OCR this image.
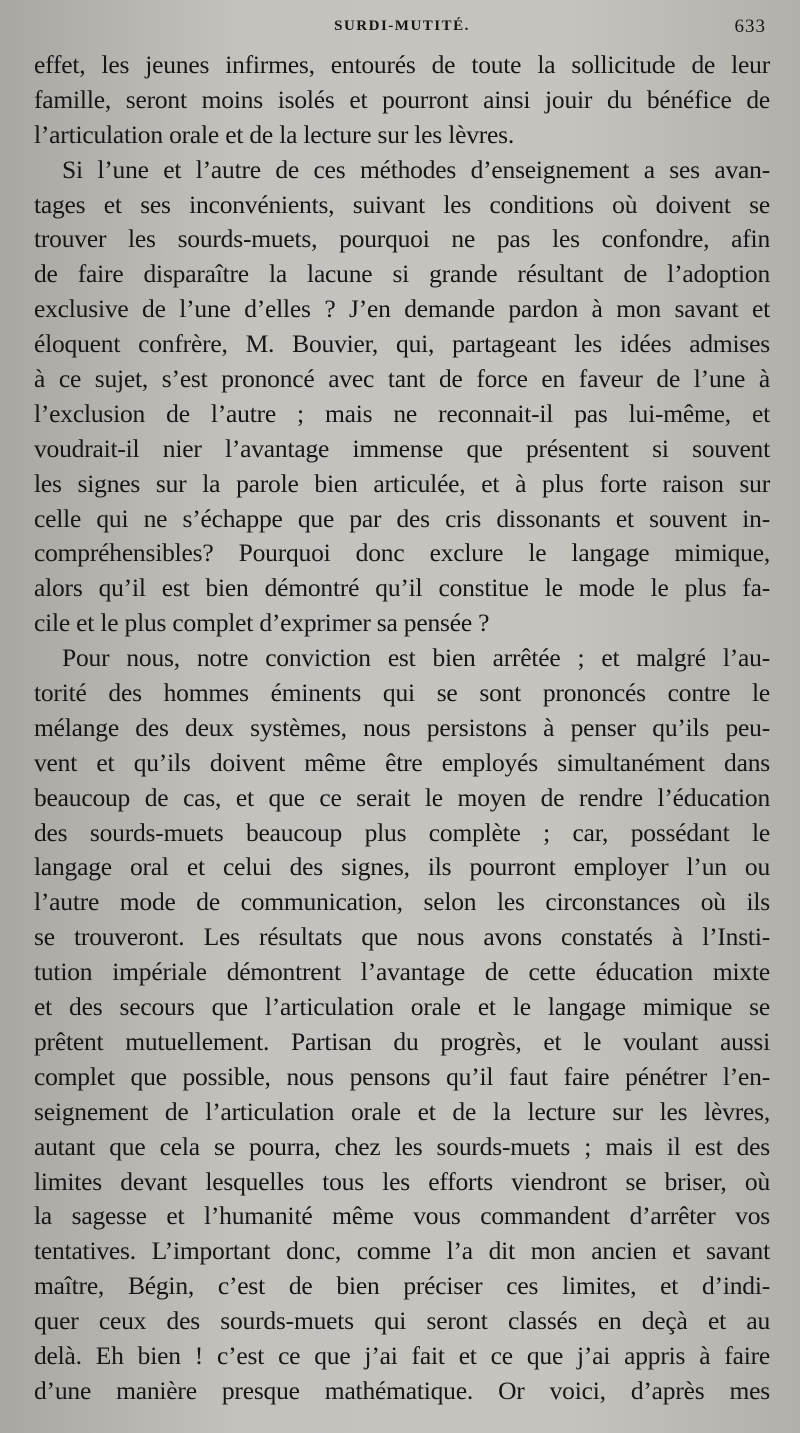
SURDI-MUTITÉ.	633
effet, les jeunes infirmes, entourés de toute la sollicitude de leur
famille, seront moins isolés et pourront ainsi jouir du bénéfice de
l’articulation orale et de la lecture sur les lèvres.
Si l’une et l’autre de ces méthodes d’enseignement a ses avan-
tages et ses inconvénients, suivant les conditions où doivent se
trouver les sourds-muets, pourquoi ne pas les confondre, afin
de faire disparaître la lacune si grande résultant de l’adoption
exclusive de l’une d’elles ? J’en demande pardon à mon savant et
éloquent confrère, M. Bouvier, qui, partageant les idées admises
à ce sujet, s’est prononcé avec tant de force en faveur de l’une à
l’exclusion de l’autre ; mais ne reconnait-il pas lui-même, et
voudrait-il nier l’avantage immense que présentent si souvent
les signes sur la parole bien articulée, et à plus forte raison sur
celle qui ne s’échappe que par des cris dissonants et souvent in-
compréhensibles? Pourquoi donc exclure le langage mimique,
alors qu’il est bien démontré qu’il constitue le mode le plus fa-
cile et le plus complet d’exprimer sa pensée ?
Pour nous, notre conviction est bien arrêtée ; et malgré l’au-
torité des hommes éminents qui se sont prononcés contre le
mélange des deux systèmes, nous persistons à penser qu’ils peu-
vent et qu’ils doivent même être employés simultanément dans
beaucoup de cas, et que ce serait le moyen de rendre l’éducation
des sourds-muets beaucoup plus complète ; car, possédant le
langage oral et celui des signes, ils pourront employer l’un ou
l’autre mode de communication, selon les circonstances où ils
se trouveront. Les résultats que nous avons constatés à l’Insti-
tution impériale démontrent l’avantage de cette éducation mixte
et des secours que l’articulation orale et le langage mimique se
prêtent mutuellement. Partisan du progrès, et le voulant aussi
complet que possible, nous pensons qu’il faut faire pénétrer l’en-
seignement de l’articulation orale et de la lecture sur les lèvres,
autant que cela se pourra, chez les sourds-muets ; mais il est des
limites devant lesquelles tous les efforts viendront se briser, où
la sagesse et l’humanité même vous commandent d’arrêter vos
tentatives. L’important donc, comme l’a dit mon ancien et savant
maître, Bégin, c’est de bien préciser ces limites, et d’indi-
quer ceux des sourds-muets qui seront classés en deçà et au
delà. Eh bien ! c’est ce que j’ai fait et ce que j’ai appris à faire
d’une manière presque mathématique. Or voici, d’après mes
